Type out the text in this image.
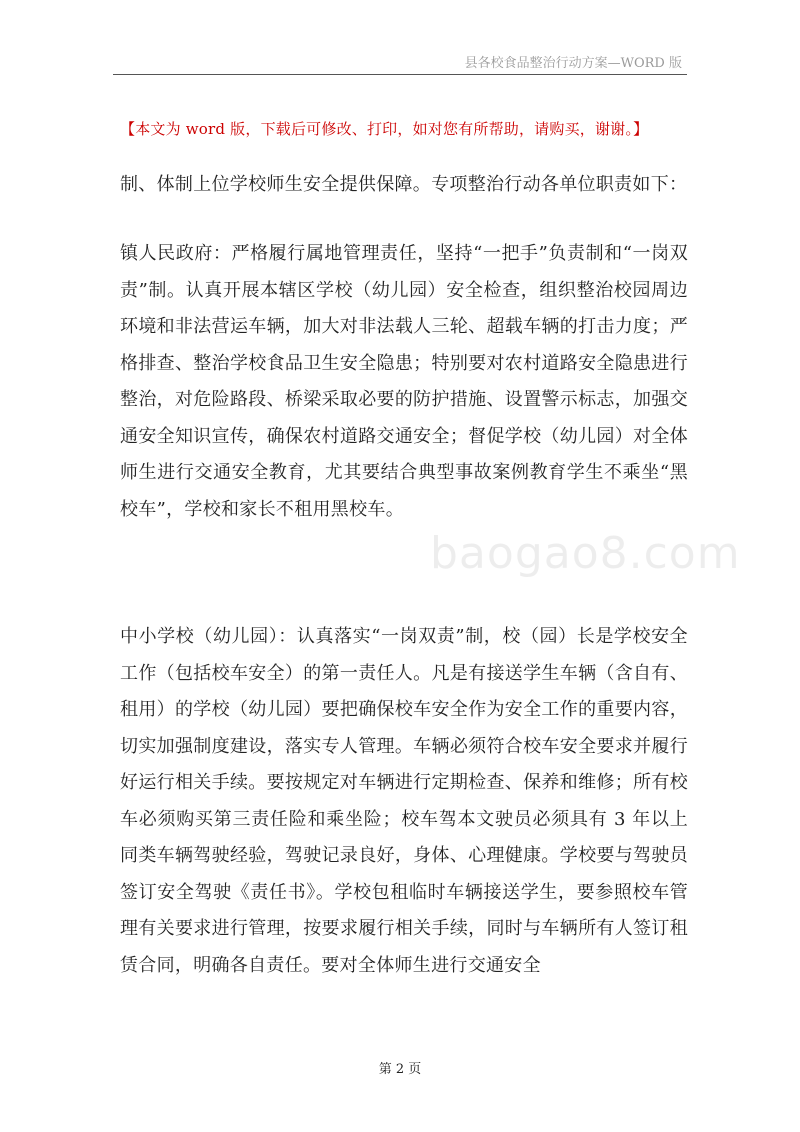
县各校食品整治行动方案—WORD 版
【本文为 word 版，下载后可修改、打印，如对您有所帮助，请购买，谢谢。】
制、体制上位学校师生安全提供保障。专项整治行动各单位职责如下：
镇人民政府：严格履行属地管理责任，坚持“一把手”负责制和“一岗双责”制。认真开展本辖区学校（幼儿园）安全检查，组织整治校园周边环境和非法营运车辆，加大对非法载人三轮、超载车辆的打击力度；严格排查、整治学校食品卫生安全隐患；特别要对农村道路安全隐患进行整治，对危险路段、桥梁采取必要的防护措施、设置警示标志，加强交通安全知识宣传，确保农村道路交通安全；督促学校（幼儿园）对全体师生进行交通安全教育，尤其要结合典型事故案例教育学生不乘坐“黑校车”，学校和家长不租用黑校车。
baogao8.com
中小学校（幼儿园）：认真落实“一岗双责”制，校（园）长是学校安全工作（包括校车安全）的第一责任人。凡是有接送学生车辆（含自有、租用）的学校（幼儿园）要把确保校车安全作为安全工作的重要内容，切实加强制度建设，落实专人管理。车辆必须符合校车安全要求并履行好运行相关手续。要按规定对车辆进行定期检查、保养和维修；所有校车必须购买第三责任险和乘坐险；校车驾本文驶员必须具有 3 年以上同类车辆驾驶经验，驾驶记录良好，身体、心理健康。学校要与驾驶员签订安全驾驶《责任书》。学校包租临时车辆接送学生，要参照校车管理有关要求进行管理，按要求履行相关手续，同时与车辆所有人签订租赁合同，明确各自责任。要对全体师生进行交通安全
第 2 页
